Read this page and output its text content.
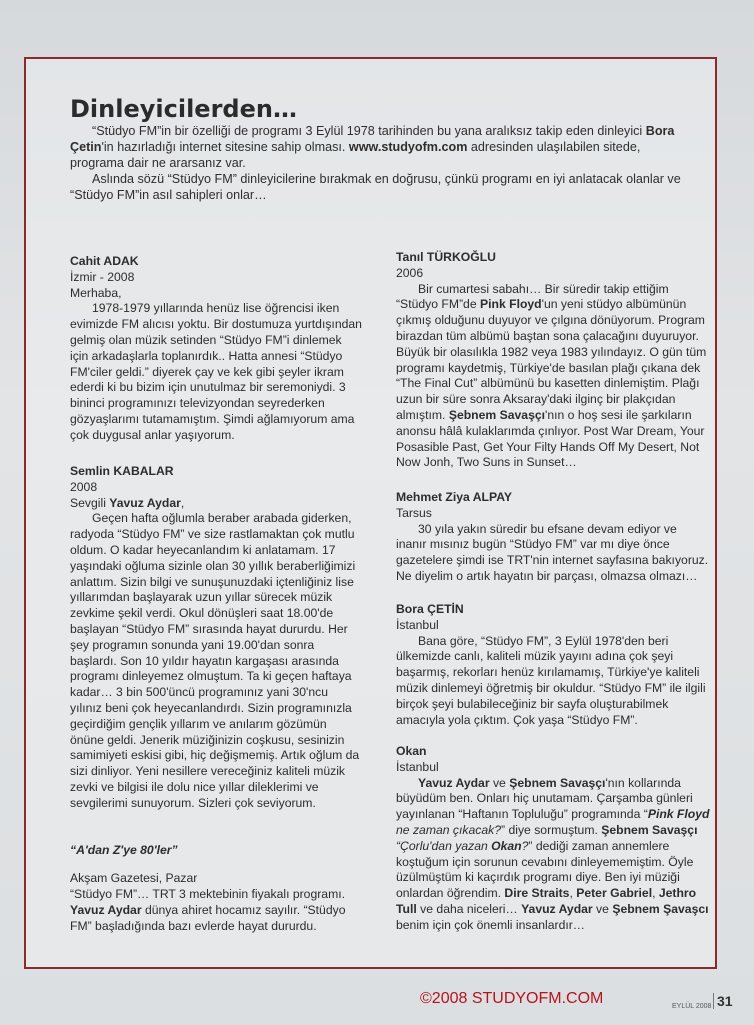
Dinleyicilerden…

“Stüdyo FM”in bir özelliği de programı 3 Eylül 1978 tarihinden bu yana aralıksız takip eden dinleyici Bora Çetin'in hazırladığı internet sitesine sahip olması. www.studyofm.com adresinden ulaşılabilen sitede, programa dair ne ararsanız var.

Aslında sözü “Stüdyo FM” dinleyicilerine bırakmak en doğrusu, çünkü programı en iyi anlatacak olanlar ve “Stüdyo FM”in asıl sahipleri onlar…

Cahit ADAK

İzmir - 2008

Merhaba,

1978-1979 yıllarında henüz lise öğrencisi iken evimizde FM alıcısı yoktu. Bir dostumuza yurtdışından gelmiş olan müzik setinden “Stüdyo FM”i dinlemek için arkadaşlarla toplanırdık.. Hatta annesi “Stüdyo FM'ciler geldi.” diyerek çay ve kek gibi şeyler ikram ederdi ki bu bizim için unutulmaz bir seremoniydi. 3 bininci programınızı televizyondan seyrederken gözyaşlarımı tutamamıştım. Şimdi ağlamıyorum ama çok duygusal anlar yaşıyorum.

Semlin KABALAR

2008

Sevgili Yavuz Aydar,

Geçen hafta oğlumla beraber arabada giderken, radyoda “Stüdyo FM” ve size rastlamaktan çok mutlu oldum. O kadar heyecanlandım ki anlatamam. 17 yaşındaki oğluma sizinle olan 30 yıllık beraberliğimizi anlattım. Sizin bilgi ve sunuşunuzdaki içtenliğiniz lise yıllarımdan başlayarak uzun yıllar sürecek müzik zevkime şekil verdi. Okul dönüşleri saat 18.00'de başlayan “Stüdyo FM” sırasında hayat dururdu. Her şey programın sonunda yani 19.00'dan sonra başlardı. Son 10 yıldır hayatın kargaşası arasında programı dinleyemez olmuştum. Ta ki geçen haftaya kadar… 3 bin 500'üncü programınız yani 30'ncu yılınız beni çok heyecanlandırdı. Sizin programınızla geçirdiğim gençlik yıllarım ve anılarım gözümün önüne geldi. Jenerik müziğinizin coşkusu, sesinizin samimiyeti eskisi gibi, hiç değişmemiş. Artık oğlum da sizi dinliyor. Yeni nesillere vereceğiniz kaliteli müzik zevki ve bilgisi ile dolu nice yıllar dileklerimi ve sevgilerimi sunuyorum. Sizleri çok seviyorum.

“A'dan Z'ye 80'ler”

Akşam Gazetesi, Pazar

“Stüdyo FM”… TRT 3 mektebinin fiyakalı programı. Yavuz Aydar dünya ahiret hocamız sayılır. “Stüdyo FM” başladığında bazı evlerde hayat dururdu.

Tanıl TÜRKOĞLU

2006

Bir cumartesi sabahı… Bir süredir takip ettiğim “Stüdyo FM”de Pink Floyd'un yeni stüdyo albümünün çıkmış olduğunu duyuyor ve çılgına dönüyorum. Program birazdan tüm albümü baştan sona çalacağını duyuruyor. Büyük bir olasılıkla 1982 veya 1983 yılındayız. O gün tüm programı kaydetmiş, Türkiye'de basılan plağı çıkana dek “The Final Cut” albümünü bu kasetten dinlemiştim. Plağı uzun bir süre sonra Aksaray'daki ilginç bir plakçıdan almıştım. Şebnem Savaşçı'nın o hoş sesi ile şarkıların anonsu hâlâ kulaklarımda çınlıyor. Post War Dream, Your Posasible Past, Get Your Filty Hands Off My Desert, Not Now Jonh, Two Suns in Sunset…

Mehmet Ziya ALPAY

Tarsus

30 yıla yakın süredir bu efsane devam ediyor ve inanır mısınız bugün “Stüdyo FM” var mı diye önce gazetelere şimdi ise TRT'nin internet sayfasına bakıyoruz. Ne diyelim o artık hayatın bir parçası, olmazsa olmazı…

Bora ÇETİN

İstanbul

Bana göre, “Stüdyo FM”, 3 Eylül 1978'den beri ülkemizde canlı, kaliteli müzik yayını adına çok şeyi başarmış, rekorları henüz kırılamamış, Türkiye'ye kaliteli müzik dinlemeyi öğretmiş bir okuldur. “Stüdyo FM” ile ilgili birçok şeyi bulabileceğiniz bir sayfa oluşturabilmek amacıyla yola çıktım. Çok yaşa “Stüdyo FM”.

Okan

İstanbul

Yavuz Aydar ve Şebnem Savaşçı'nın kollarında büyüdüm ben. Onları hiç unutamam. Çarşamba günleri yayınlanan “Haftanın Topluluğu” programında “Pink Floyd ne zaman çıkacak?” diye sormuştum. Şebnem Savaşçı “Çorlu'dan yazan Okan?” dediği zaman annemlere koştuğum için sorunun cevabını dinleyememiştim. Öyle üzülmüştüm ki kaçırdık programı diye. Ben iyi müziği onlardan öğrendim. Dire Straits, Peter Gabriel, Jethro Tull ve daha niceleri… Yavuz Aydar ve Şebnem Şavaşcı benim için çok önemli insanlardır…

©2008 STUDYOFM.COM	EYLÜL 2008 31
